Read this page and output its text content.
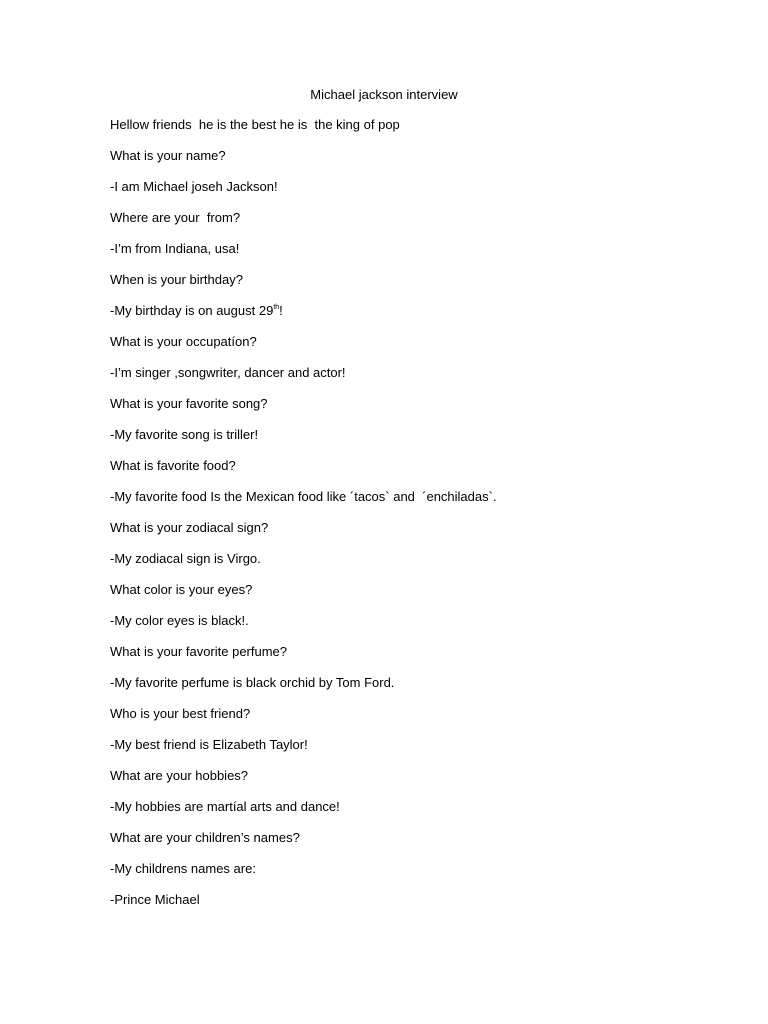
Michael jackson interview
Hellow friends  he is the best he is  the king of pop
What is your name?
-I am Michael joseh Jackson!
Where are your  from?
-I’m from Indiana, usa!
When is your birthday?
-My birthday is on august 29th!
What is your occupatíon?
-I’m singer ,songwriter, dancer and actor!
What is your favorite song?
-My favorite song is triller!
What is favorite food?
-My favorite food Is the Mexican food like ´tacos` and  ´enchiladas`.
What is your zodiacal sign?
-My zodiacal sign is Virgo.
What color is your eyes?
-My color eyes is black!.
What is your favorite perfume?
-My favorite perfume is black orchid by Tom Ford.
Who is your best friend?
-My best friend is Elizabeth Taylor!
What are your hobbies?
-My hobbies are martíal arts and dance!
What are your children’s names?
-My childrens names are:
-Prince Michael
